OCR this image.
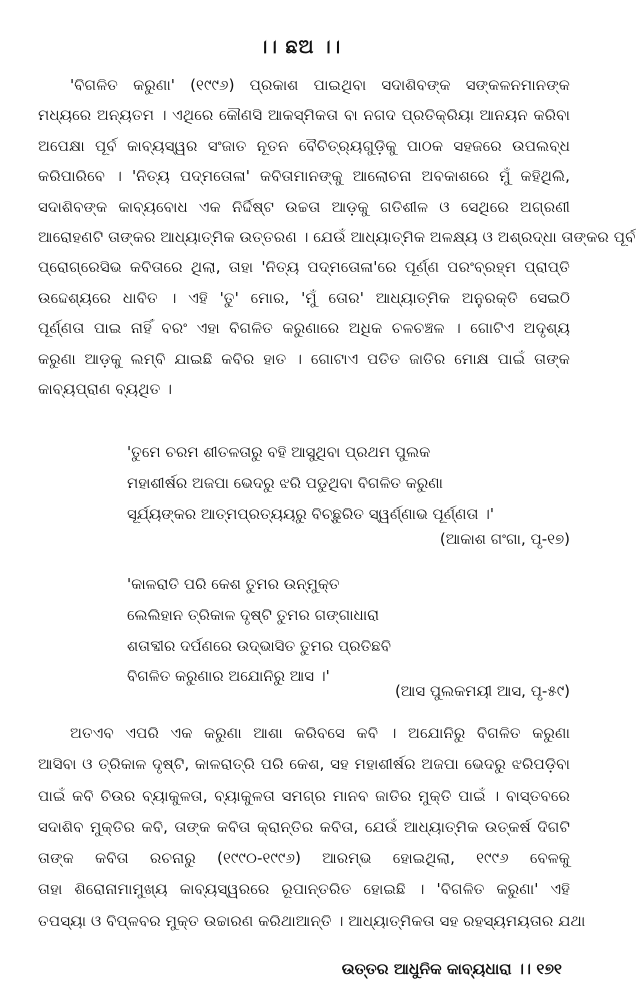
।। ଛଅ ।।
'ବିଗଳିତ କରୁଣା' (୧୯୯୬) ପ୍ରକାଶ ପାଇଥିବା ସଦାଶିବଙ୍କ ସଙ୍କଳନମାନଙ୍କ
ମଧ୍ୟରେ ଅନ୍ୟତମ । ଏଥିରେ କୌଣସି ଆକସ୍ମିକତା ବା ନଗଦ ପ୍ରତିକ୍ରିୟା ଆନୟନ କରିବା
ଅପେକ୍ଷା ପୂର୍ବ କାବ୍ୟସ୍ୱର ସଂଜାତ ନୂତନ ବୈଚିତ୍ର୍ୟଗୁଡ଼ିକୁ ପାଠକ ସହଜରେ ଉପଲବ୍ଧ
କରିପାରିବେ । 'ନିତ୍ୟ ପଦ୍ମତୋଳା' କବିତାମାନଙ୍କୁ ଆଲୋଚନା ଅବକାଶରେ ମୁଁ କହିଥିଲି,
ସଦାଶିବଙ୍କ କାବ୍ୟବୋଧ ଏକ ନିର୍ଦ୍ଦିଷ୍ଟ ଉଚ୍ଚତା ଆଡ଼କୁ ଗତିଶୀଳ ଓ ସେଥିରେ ଅଗ୍ରଣୀ
ଆରୋହଣଟି ତାଙ୍କର ଆଧ୍ୟାତ୍ମିକ ଉତ୍ତରଣ । ଯେଉଁ ଆଧ୍ୟାତ୍ମିକ ଅଳକ୍ଷ୍ୟ ଓ ଅଶ୍ରଦ୍ଧା ତାଙ୍କର ପୂର୍ବ
ପ୍ରୋଗ୍ରେସିଭ କବିତାରେ ଥିଲା, ତାହା 'ନିତ୍ୟ ପଦ୍ମତୋଳା'ରେ ପୂର୍ଣ୍ଣ ପରଂବ୍ରହ୍ମ ପ୍ରାପ୍ତି
ଉଦ୍ଦେଶ୍ୟରେ ଧାବିତ । ଏହି 'ତୁ' ମୋର, 'ମୁଁ ତୋର' ଆଧ୍ୟାତ୍ମିକ ଅନୁରକ୍ତି ସେଇଠି
ପୂର୍ଣ୍ଣତା ପାଇ ନାହିଁ ବରଂ ଏହା ବିଗଳିତ କରୁଣାରେ ଅଧିକ ଚଳଚଞ୍ଚଳ । ଗୋଟିଏ ଅଦୃଶ୍ୟ
କରୁଣା ଆଡ଼କୁ ଲମ୍ବି ଯାଇଛି କବିର ହାତ । ଗୋଟାଏ ପତିତ ଜାତିର ମୋକ୍ଷ ପାଇଁ ତାଙ୍କ
କାବ୍ୟପ୍ରାଣ ବ୍ୟଥିତ ।
'ତୁମେ ଚରମ ଶୀତଳତାରୁ ବହି ଆସୁଥିବା ପ୍ରଥମ ପୁଲକ
ମହାଶୀର୍ଷର ଅଜପା ଭେଦରୁ ଝରି ପଡୁଥିବା ବିଗଳିତ କରୁଣା
ସୂର୍ଯ୍ୟଙ୍କର ଆତ୍ମପ୍ରତ୍ୟୟରୁ ବିଚ୍ଛୁରିତ ସ୍ୱର୍ଣ୍ଣାଭ ପୂର୍ଣ୍ଣତା ।'
(ଆକାଶ ଗଂଗା, ପୃ-୧୭)
'କାଳରାତି ପରି କେଶ ତୁମର ଉନ୍ମୁକ୍ତ
ଲେଲିହାନ ତ୍ରିକାଳ ଦୃଷ୍ଟି ତୁମର ଗଙ୍ଗାଧାରା
ଶତାବ୍ଦୀର ଦର୍ପଣରେ ଉଦ୍‌ଭାସିତ ତୁମର ପ୍ରତିଛବି
ବିଗଳିତ କରୁଣାର ଅଯୋନିରୁ ଆସ ।'
(ଆସ ପୁଲକମୟୀ ଆସ, ପୃ-୫୯)
ଅତଏବ ଏପରି ଏକ କରୁଣା ଆଶା କରିବସେ କବି । ଅଯୋନିରୁ ବିଗଳିତ କରୁଣା
ଆସିବା ଓ ତ୍ରିକାଳ ଦୃଷ୍ଟି, କାଳରାତ୍ରି ପରି କେଶ, ସହ ମହାଶୀର୍ଷର ଅଜପା ଭେଦରୁ ଝରିପଡ଼ିବା
ପାଇଁ କବି ଚିଉର ବ୍ୟାକୁଳତା, ବ୍ୟାକୁଳତା ସମଗ୍ର ମାନବ ଜାତିର ମୁକ୍ତି ପାଇଁ । ବାସ୍ତବରେ
ସଦାଶିବ ମୁକ୍ତିର କବି, ତାଙ୍କ କବିତା କ୍ରାନ୍ତିର କବିତା, ଯେଉଁ ଆଧ୍ୟାତ୍ମିକ ଉତ୍କର୍ଷ ଦିଗଟି
ତାଙ୍କ କବିତା ରଚନାରୁ (୧୯୯୦-୧୯୯୬) ଆରମ୍ଭ ହୋଇଥିଲା, ୧୯୯୬ ବେଳକୁ
ତାହା ଶିରୋନାମାମୁଖ୍ୟ କାବ୍ୟସ୍ୱରରେ ରୂପାନ୍ତରିତ ହୋଇଛି । 'ବିଗଳିତ କରୁଣା' ଏହି
ତପସ୍ୟା ଓ ବିପ୍ଳବର ମୁକ୍ତ ଉଚ୍ଚାରଣ କରିଥାଆନ୍ତି । ଆଧ୍ୟାତ୍ମିକତା ସହ ରହସ୍ୟମୟତାର ଯଥା
ଉତ୍ତର ଆଧୁନିକ କାବ୍ୟଧାରା ।। ୧୭୧
